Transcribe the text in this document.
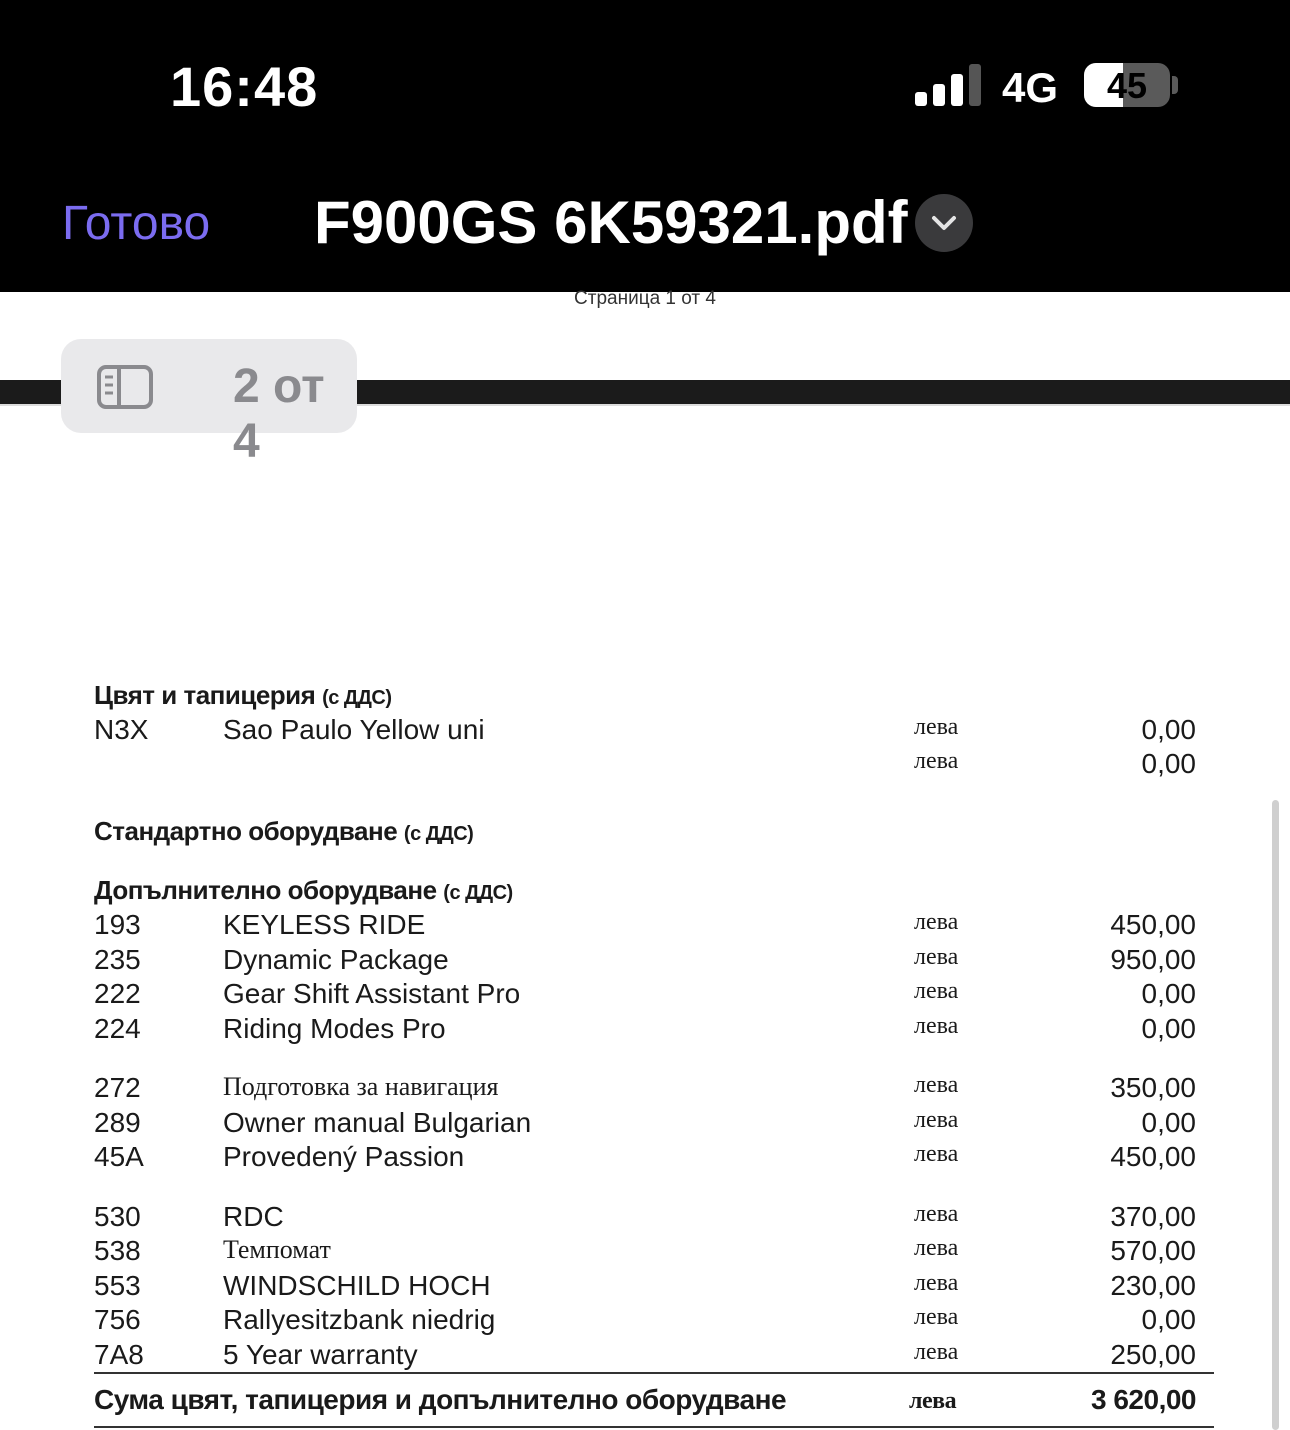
16:48	4G	45
Готово F900GS 6K59321.pdf
Страница 1 от 4
2 от 4
Цвят и тапицерия (с ДДС)
N3X	Sao Paulo Yellow uni	лева	0,00
лева	0,00
Стандартно оборудване (с ДДС)
Допълнително оборудване (с ДДС)
193	KEYLESS RIDE	лева	450,00
235	Dynamic Package	лева	950,00
222	Gear Shift Assistant Pro	лева	0,00
224	Riding Modes Pro	лева	0,00
272	Подготовка за навигация	лева	350,00
289	Owner manual Bulgarian	лева	0,00
45A	Provedený Passion	лева	450,00
530	RDC	лева	370,00
538	Темпомат	лева	570,00
553	WINDSCHILD HOCH	лева	230,00
756	Rallyesitzbank niedrig	лева	0,00
7A8	5 Year warranty	лева	250,00
Сума цвят, тапицерия и допълнително оборудване	лева	3 620,00
